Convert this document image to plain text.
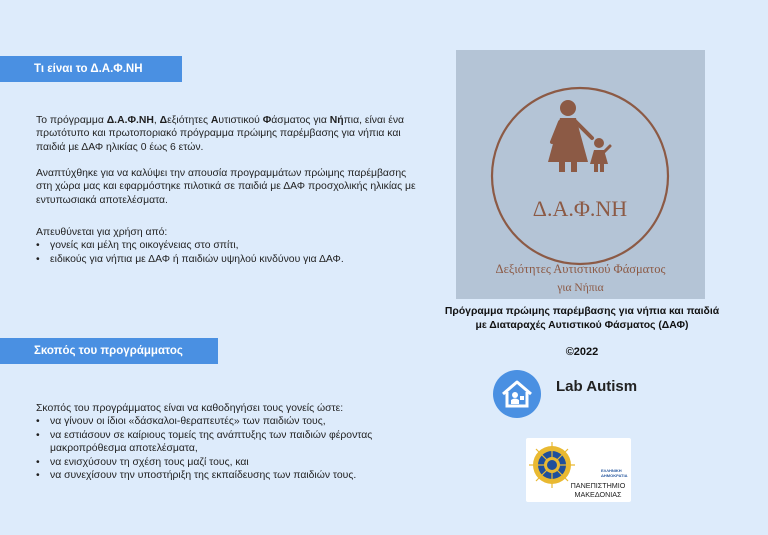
Τι είναι το Δ.Α.Φ.ΝΗ
Το πρόγραμμα Δ.Α.Φ.ΝΗ, Δεξιότητες Αυτιστικού Φάσματος για Νήπια, είναι ένα πρωτότυπο και πρωτοποριακό πρόγραμμα πρώιμης παρέμβασης για νήπια και παιδιά με ΔΑΦ ηλικίας 0 έως 6 ετών.
Αναπτύχθηκε για να καλύψει την απουσία προγραμμάτων πρώιμης παρέμβασης στη χώρα μας και εφαρμόστηκε πιλοτικά σε παιδιά με ΔΑΦ προσχολικής ηλικίας με εντυπωσιακά αποτελέσματα.
Απευθύνεται για χρήση από:
• γονείς και μέλη της οικογένειας στο σπίτι,
• ειδικούς για νήπια με ΔΑΦ ή παιδιών υψηλού κινδύνου για ΔΑΦ.
Σκοπός του προγράμματος
Σκοπός του προγράμματος είναι να καθοδηγήσει τους γονείς ώστε:
• να γίνουν οι ίδιοι «δάσκαλοι-θεραπευτές» των παιδιών τους,
• να εστιάσουν σε καίριους τομείς της ανάπτυξης των παιδιών φέροντας μακροπρόθεσμα αποτελέσματα,
• να ενισχύσουν τη σχέση τους μαζί τους, και
• να συνεχίσουν την υποστήριξη της εκπαίδευσης των παιδιών τους.
Δ.Α.Φ.ΝΗ
Δεξιότητες Αυτιστικού Φάσματος
για Νήπια
Πρόγραμμα πρώιμης παρέμβασης για νήπια και παιδιά
με Διαταραχές Αυτιστικού Φάσματος (ΔΑΦ)
©2022
Lab Autism
ΕΛΛΗΝΙΚΗ
ΔΗΜΟΚΡΑΤΙΑ
ΠΑΝΕΠΙΣΤΗΜΙΟ
ΜΑΚΕΔΟΝΙΑΣ
